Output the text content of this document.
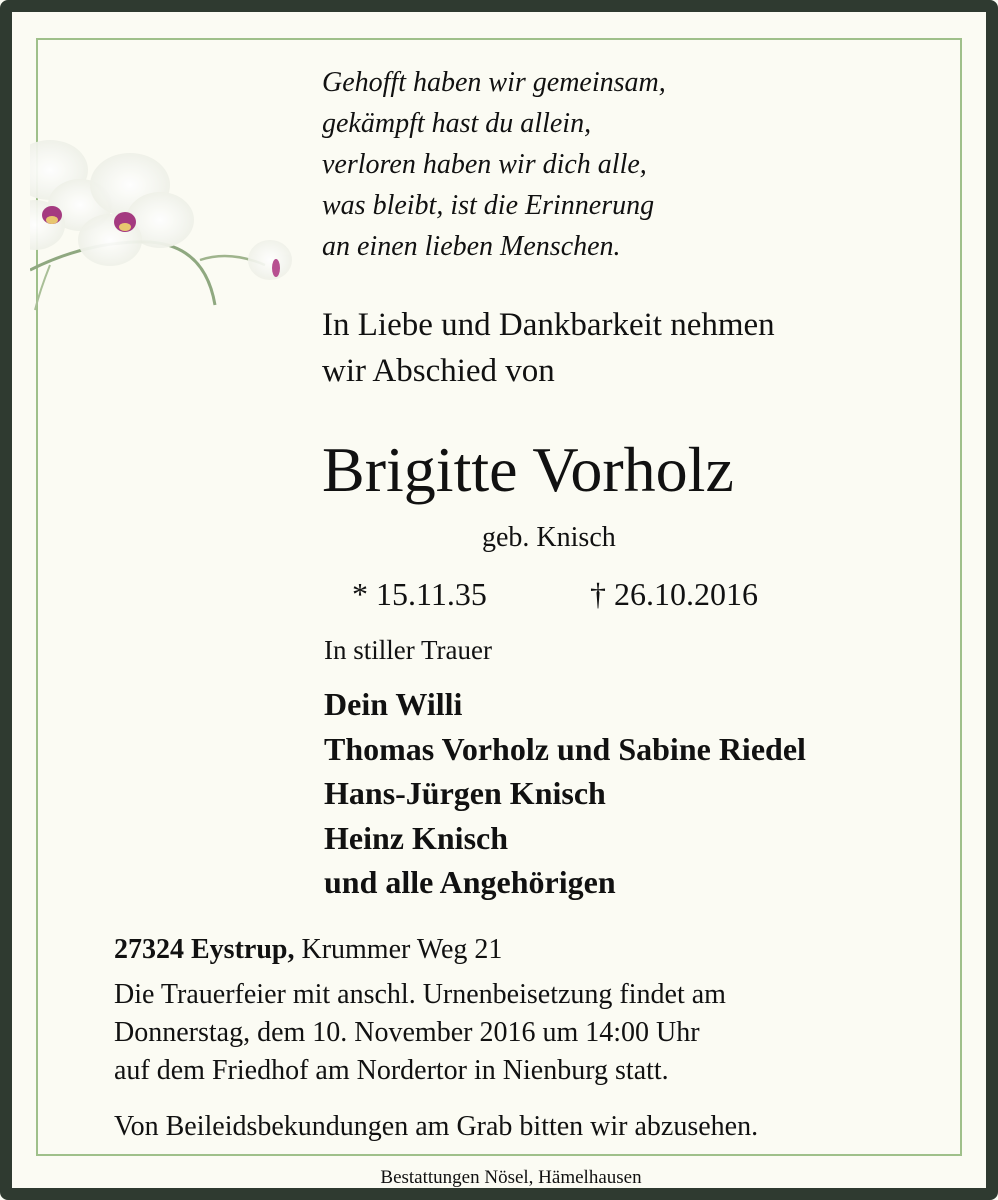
Gehofft haben wir gemeinsam,
gekämpft hast du allein,
verloren haben wir dich alle,
was bleibt, ist die Erinnerung
an einen lieben Menschen.
In Liebe und Dankbarkeit nehmen
wir Abschied von
Brigitte Vorholz
geb. Knisch
* 15.11.35	† 26.10.2016
In stiller Trauer
Dein Willi
Thomas Vorholz und Sabine Riedel
Hans-Jürgen Knisch
Heinz Knisch
und alle Angehörigen
27324 Eystrup, Krummer Weg 21
Die Trauerfeier mit anschl. Urnenbeisetzung findet am
Donnerstag, dem 10. November 2016 um 14:00 Uhr
auf dem Friedhof am Nordertor in Nienburg statt.
Von Beileidsbekundungen am Grab bitten wir abzusehen.
Bestattungen Nösel, Hämelhausen
